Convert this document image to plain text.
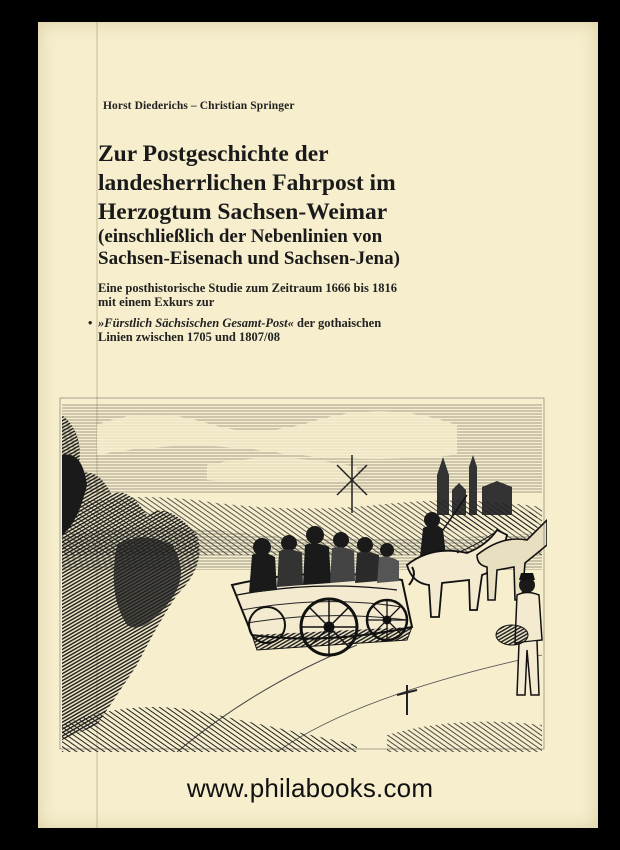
Horst Diederichs – Christian Springer
Zur Postgeschichte der
landesherrlichen Fahrpost im
Herzogtum Sachsen-Weimar
(einschließlich der Nebenlinien von
Sachsen-Eisenach und Sachsen-Jena)
Eine posthistorische Studie zum Zeitraum 1666 bis 1816
mit einem Exkurs zur
• »Fürstlich Sächsischen Gesamt-Post« der gothaischen
Linien zwischen 1705 und 1807/08
www.philabooks.com
